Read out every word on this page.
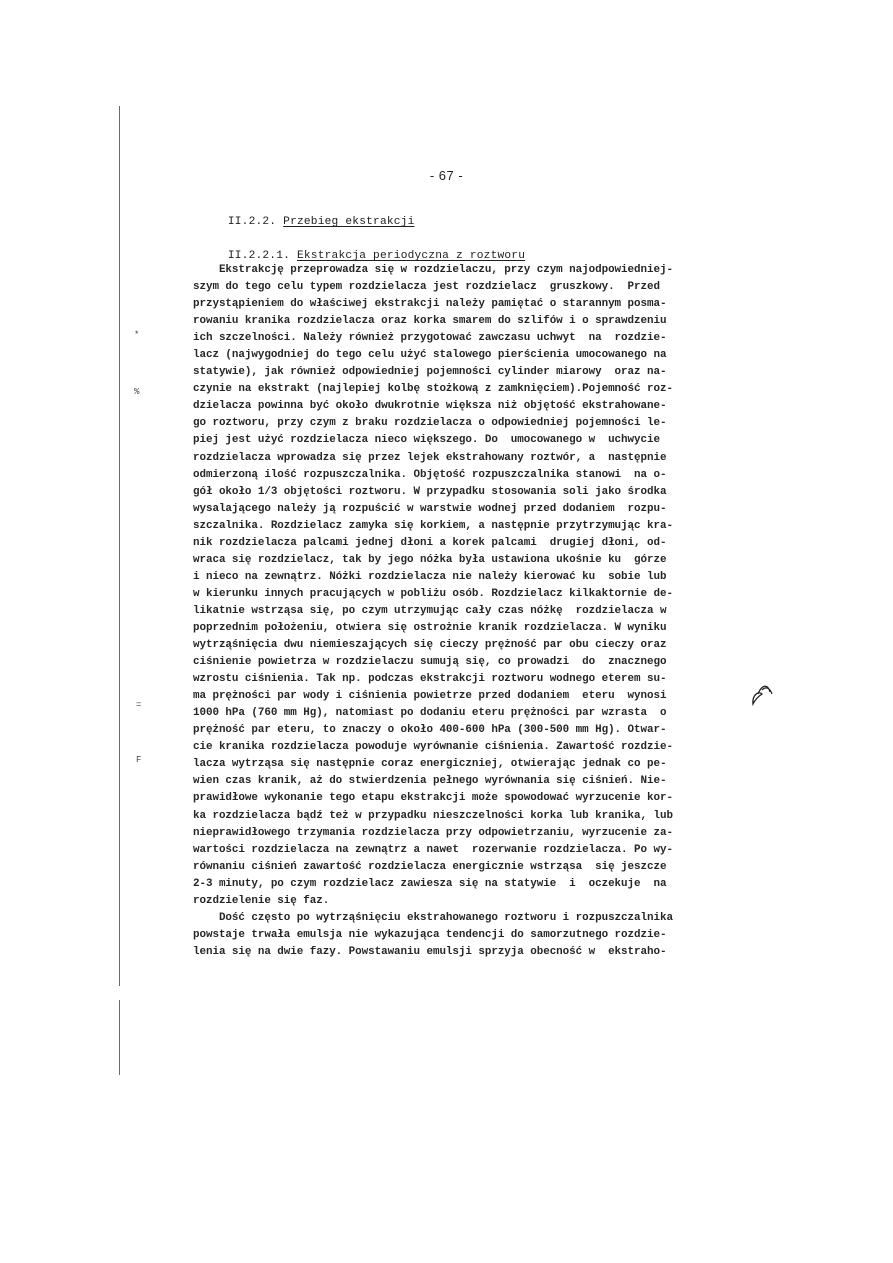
- 67 -

II.2.2. Przebieg ekstrakcji

II.2.2.1. Ekstrakcja periodyczna z roztworu

Ekstrakcję przeprowadza się w rozdzielaczu, przy czym najodpowiedniej-
szym do tego celu typem rozdzielacza jest rozdzielacz  gruszkowy.  Przed
przystąpieniem do właściwej ekstrakcji należy pamiętać o starannym posma-
rowaniu kranika rozdzielacza oraz korka smarem do szlifów i o sprawdzeniu
ich szczelności. Należy również przygotować zawczasu uchwyt  na  rozdzie-
lacz (najwygodniej do tego celu użyć stalowego pierścienia umocowanego na
statywie), jak również odpowiedniej pojemności cylinder miarowy  oraz na-
czynie na ekstrakt (najlepiej kolbę stożkową z zamknięciem).Pojemność roz-
dzielacza powinna być około dwukrotnie większa niż objętość ekstrahowane-
go roztworu, przy czym z braku rozdzielacza o odpowiedniej pojemności le-
piej jest użyć rozdzielacza nieco większego. Do  umocowanego w  uchwycie
rozdzielacza wprowadza się przez lejek ekstrahowany roztwór, a  następnie
odmierzoną ilość rozpuszczalnika. Objętość rozpuszczalnika stanowi  na o-
gół około 1/3 objętości roztworu. W przypadku stosowania soli jako środka
wysalającego należy ją rozpuścić w warstwie wodnej przed dodaniem  rozpu-
szczalnika. Rozdzielacz zamyka się korkiem, a następnie przytrzymując kra-
nik rozdzielacza palcami jednej dłoni a korek palcami  drugiej dłoni, od-
wraca się rozdzielacz, tak by jego nóżka była ustawiona ukośnie ku  górze
i nieco na zewnątrz. Nóżki rozdzielacza nie należy kierować ku  sobie lub
w kierunku innych pracujących w pobliżu osób. Rozdzielacz kilkaktornie de-
likatnie wstrząsa się, po czym utrzymując cały czas nóżkę  rozdzielacza w
poprzednim położeniu, otwiera się ostrożnie kranik rozdzielacza. W wyniku
wytrząśnięcia dwu niemieszających się cieczy prężność par obu cieczy oraz
ciśnienie powietrza w rozdzielaczu sumują się, co prowadzi  do  znacznego
wzrostu ciśnienia. Tak np. podczas ekstrakcji roztworu wodnego eterem su-
ma prężności par wody i ciśnienia powietrze przed dodaniem  eteru  wynosi
1000 hPa (760 mm Hg), natomiast po dodaniu eteru prężności par wzrasta  o
prężność par eteru, to znaczy o około 400-600 hPa (300-500 mm Hg). Otwar-
cie kranika rozdzielacza powoduje wyrównanie ciśnienia. Zawartość rozdzie-
lacza wytrząsa się następnie coraz energiczniej, otwierając jednak co pe-
wien czas kranik, aż do stwierdzenia pełnego wyrównania się ciśnień. Nie-
prawidłowe wykonanie tego etapu ekstrakcji może spowodować wyrzucenie kor-
ka rozdzielacza bądź też w przypadku nieszczelności korka lub kranika, lub
nieprawidłowego trzymania rozdzielacza przy odpowietrzaniu, wyrzucenie za-
wartości rozdzielacza na zewnątrz a nawet  rozerwanie rozdzielacza. Po wy-
równaniu ciśnień zawartość rozdzielacza energicznie wstrząsa  się jeszcze
2-3 minuty, po czym rozdzielacz zawiesza się na statywie  i  oczekuje  na
rozdzielenie się faz.
Dość często po wytrząśnięciu ekstrahowanego roztworu i rozpuszczalnika
powstaje trwała emulsja nie wykazująca tendencji do samorzutnego rozdzie-
lenia się na dwie fazy. Powstawaniu emulsji sprzyja obecność w  ekstraho-
*
%
=
F
